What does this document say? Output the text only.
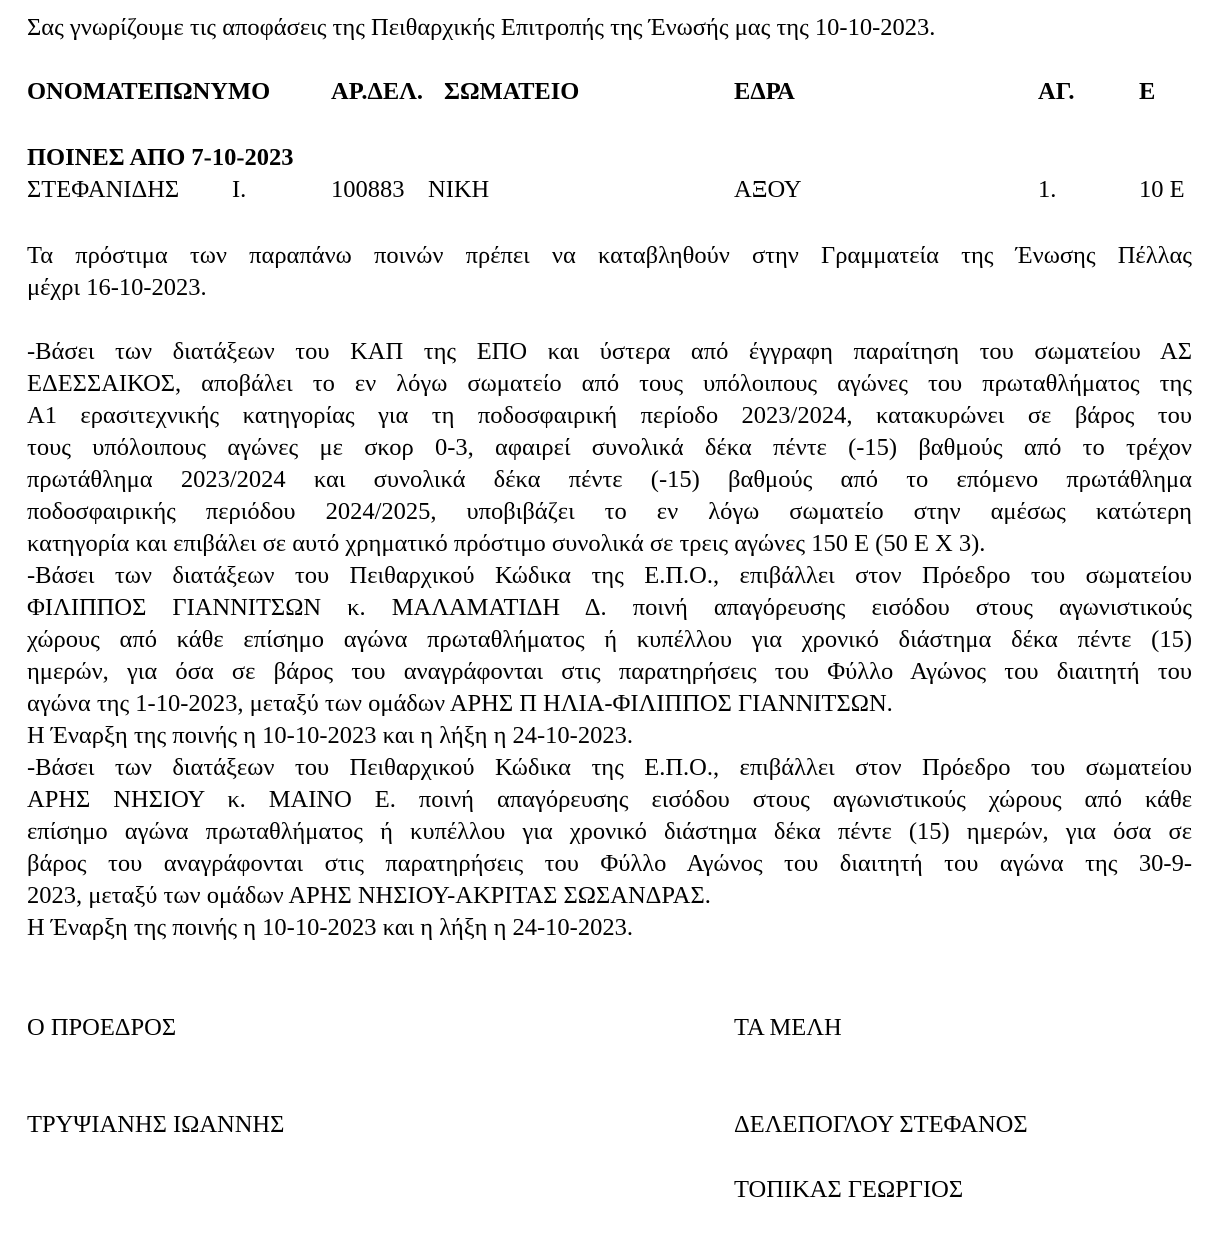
Σας γνωρίζουμε τις αποφάσεις της Πειθαρχικής Επιτροπής της Ένωσής μας της 10-10-2023.
ΟΝΟΜΑΤΕΠΩΝΥΜΟ ΑΡ.ΔΕΛ. ΣΩΜΑΤΕΙΟ	ΕΔΡΑ	ΑΓ.	Ε
ΠΟΙΝΕΣ ΑΠΟ 7-10-2023
ΣΤΕΦΑΝΙΔΗΣ Ι.	100883 ΝΙΚΗ	ΑΞΟΥ	1.	10 Ε
Τα πρόστιμα των παραπάνω ποινών πρέπει να καταβληθούν στην Γραμματεία της Ένωσης Πέλλας
μέχρι 16-10-2023.
-Βάσει των διατάξεων του ΚΑΠ της ΕΠΟ και ύστερα από έγγραφη παραίτηση του σωματείου ΑΣ
ΕΔΕΣΣΑΙΚΟΣ, αποβάλει το εν λόγω σωματείο από τους υπόλοιπους αγώνες του πρωταθλήματος της
Α1 ερασιτεχνικής κατηγορίας για τη ποδοσφαιρική περίοδο 2023/2024, κατακυρώνει σε βάρος του
τους υπόλοιπους αγώνες με σκορ 0-3, αφαιρεί συνολικά δέκα πέντε (-15) βαθμούς από το τρέχον
πρωτάθλημα 2023/2024 και συνολικά δέκα πέντε (-15) βαθμούς από το επόμενο πρωτάθλημα
ποδοσφαιρικής περιόδου 2024/2025, υποβιβάζει το εν λόγω σωματείο στην αμέσως κατώτερη
κατηγορία και επιβάλει σε αυτό χρηματικό πρόστιμο συνολικά σε τρεις αγώνες 150 Ε (50 Ε Χ 3).
-Βάσει των διατάξεων του Πειθαρχικού Κώδικα της Ε.Π.Ο., επιβάλλει στον Πρόεδρο του σωματείου
ΦΙΛΙΠΠΟΣ ΓΙΑΝΝΙΤΣΩΝ κ. ΜΑΛΑΜΑΤΙΔΗ Δ. ποινή απαγόρευσης εισόδου στους αγωνιστικούς
χώρους από κάθε επίσημο αγώνα πρωταθλήματος ή κυπέλλου για χρονικό διάστημα δέκα πέντε (15)
ημερών, για όσα σε βάρος του αναγράφονται στις παρατηρήσεις του Φύλλο Αγώνος του διαιτητή του
αγώνα της 1-10-2023, μεταξύ των ομάδων ΑΡΗΣ Π ΗΛΙΑ-ΦΙΛΙΠΠΟΣ ΓΙΑΝΝΙΤΣΩΝ.
Η Έναρξη της ποινής η 10-10-2023 και η λήξη η 24-10-2023.
-Βάσει των διατάξεων του Πειθαρχικού Κώδικα της Ε.Π.Ο., επιβάλλει στον Πρόεδρο του σωματείου
ΑΡΗΣ ΝΗΣΙΟΥ κ. ΜΑΙΝΟ Ε. ποινή απαγόρευσης εισόδου στους αγωνιστικούς χώρους από κάθε
επίσημο αγώνα πρωταθλήματος ή κυπέλλου για χρονικό διάστημα δέκα πέντε (15) ημερών, για όσα σε
βάρος του αναγράφονται στις παρατηρήσεις του Φύλλο Αγώνος του διαιτητή του αγώνα της 30-9-
2023, μεταξύ των ομάδων ΑΡΗΣ ΝΗΣΙΟΥ-ΑΚΡΙΤΑΣ ΣΩΣΑΝΔΡΑΣ.
Η Έναρξη της ποινής η 10-10-2023 και η λήξη η 24-10-2023.
Ο ΠΡΟΕΔΡΟΣ	ΤΑ ΜΕΛΗ
ΤΡΥΨΙΑΝΗΣ ΙΩΑΝΝΗΣ	ΔΕΛΕΠΟΓΛΟΥ ΣΤΕΦΑΝΟΣ
ΤΟΠΙΚΑΣ ΓΕΩΡΓΙΟΣ
